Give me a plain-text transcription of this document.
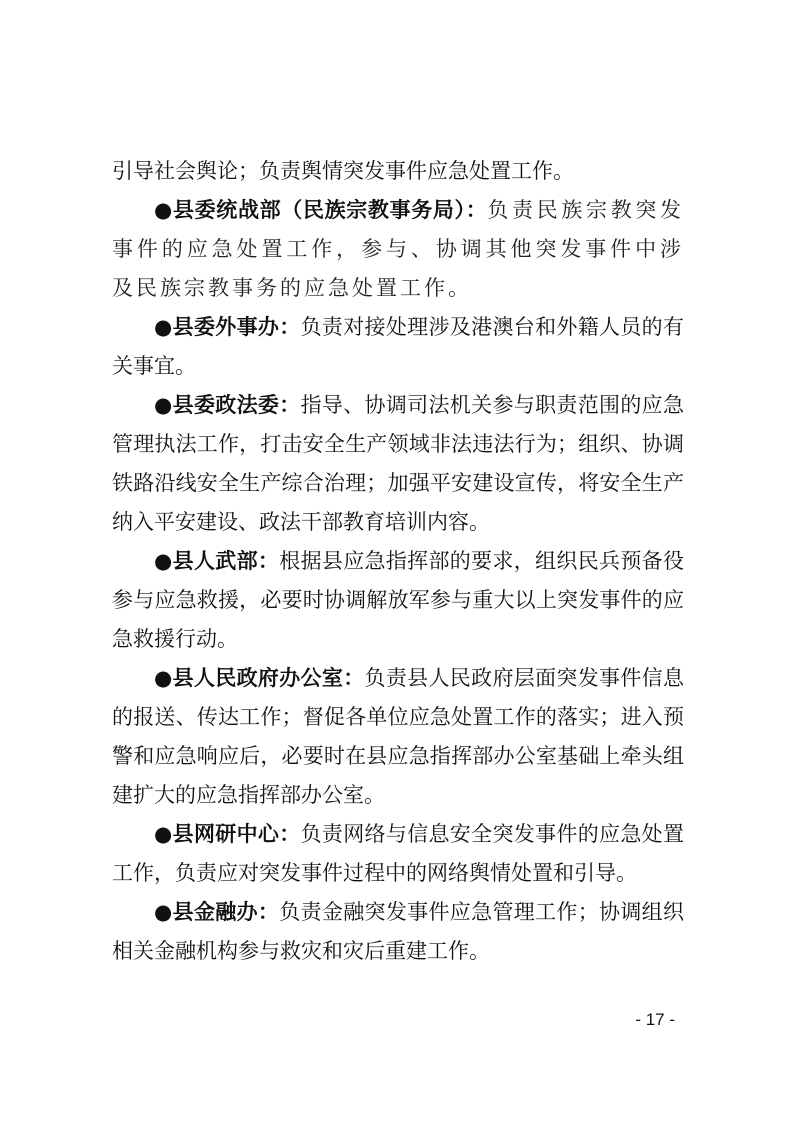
引导社会舆论；负责舆情突发事件应急处置工作。

●县委统战部（民族宗教事务局）：负责民族宗教突发事件的应急处置工作，参与、协调其他突发事件中涉及民族宗教事务的应急处置工作。

●县委外事办：负责对接处理涉及港澳台和外籍人员的有关事宜。

●县委政法委：指导、协调司法机关参与职责范围的应急管理执法工作，打击安全生产领域非法违法行为；组织、协调铁路沿线安全生产综合治理；加强平安建设宣传，将安全生产纳入平安建设、政法干部教育培训内容。

●县人武部：根据县应急指挥部的要求，组织民兵预备役参与应急救援，必要时协调解放军参与重大以上突发事件的应急救援行动。

●县人民政府办公室：负责县人民政府层面突发事件信息的报送、传达工作；督促各单位应急处置工作的落实；进入预警和应急响应后，必要时在县应急指挥部办公室基础上牵头组建扩大的应急指挥部办公室。

●县网研中心：负责网络与信息安全突发事件的应急处置工作，负责应对突发事件过程中的网络舆情处置和引导。

●县金融办：负责金融突发事件应急管理工作；协调组织相关金融机构参与救灾和灾后重建工作。

- 17 -
